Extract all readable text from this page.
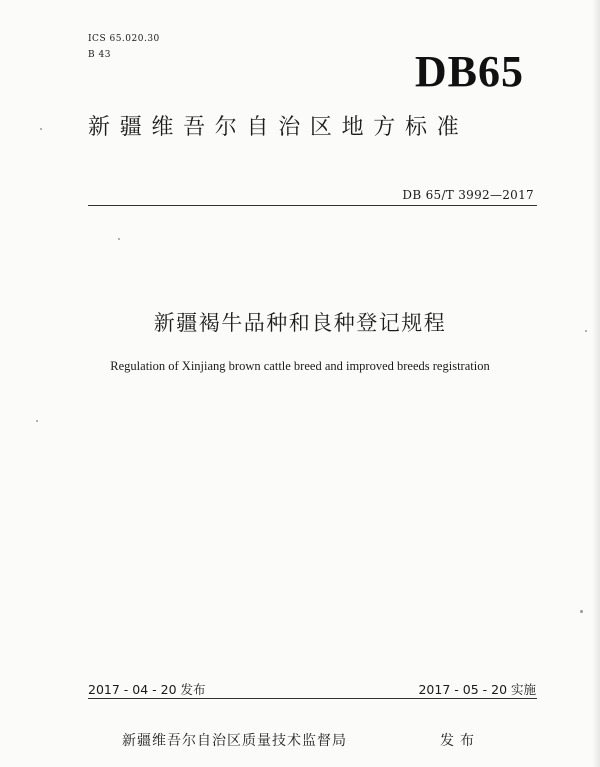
ICS 65.020.30

B 43	DB65

新疆维吾尔自治区地方标准

DB 65/T 3992—2017

新疆褐牛品种和良种登记规程

Regulation of Xinjiang brown cattle breed and improved breeds registration

2017 - 04 - 20 发布	2017 - 05 - 20 实施

新疆维吾尔自治区质量技术监督局	发布
